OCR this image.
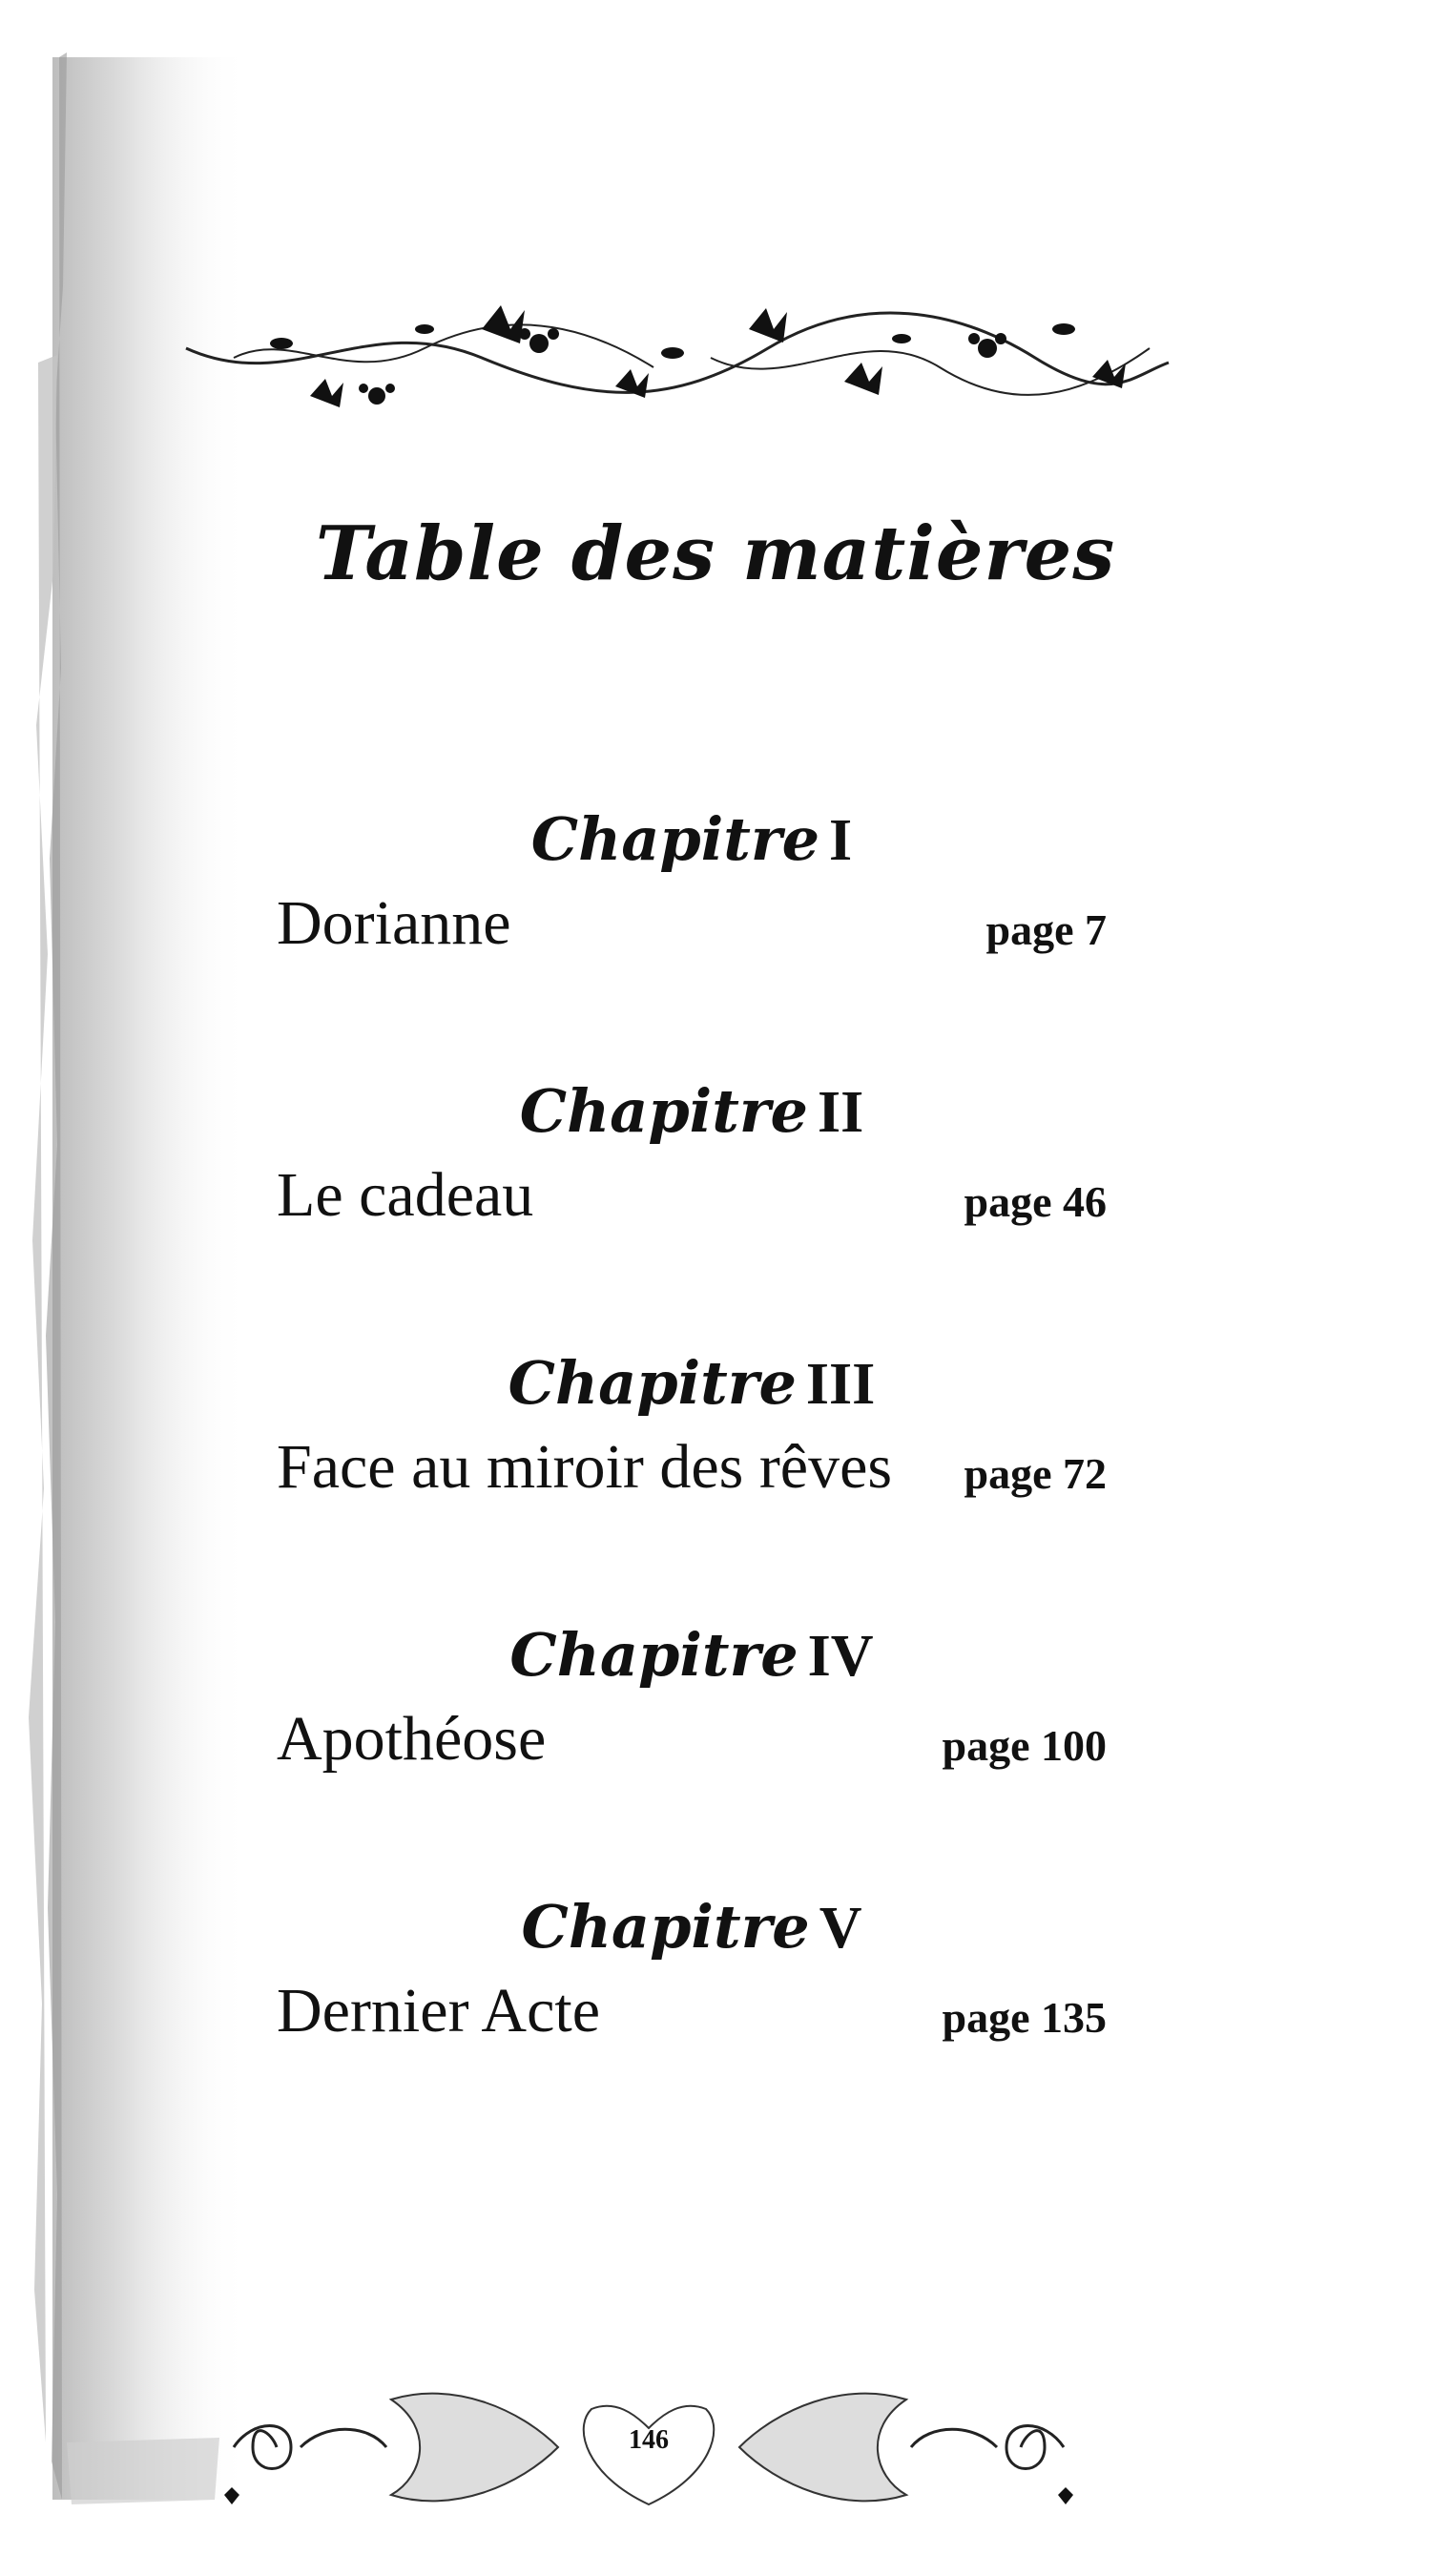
Table des matières
Chapitre I
Dorianne	page 7
Chapitre II
Le cadeau	page 46
Chapitre III
Face au miroir des rêves page 72
Chapitre IV
Apothéose	page 100
Chapitre V
Dernier Acte	page 135
146
